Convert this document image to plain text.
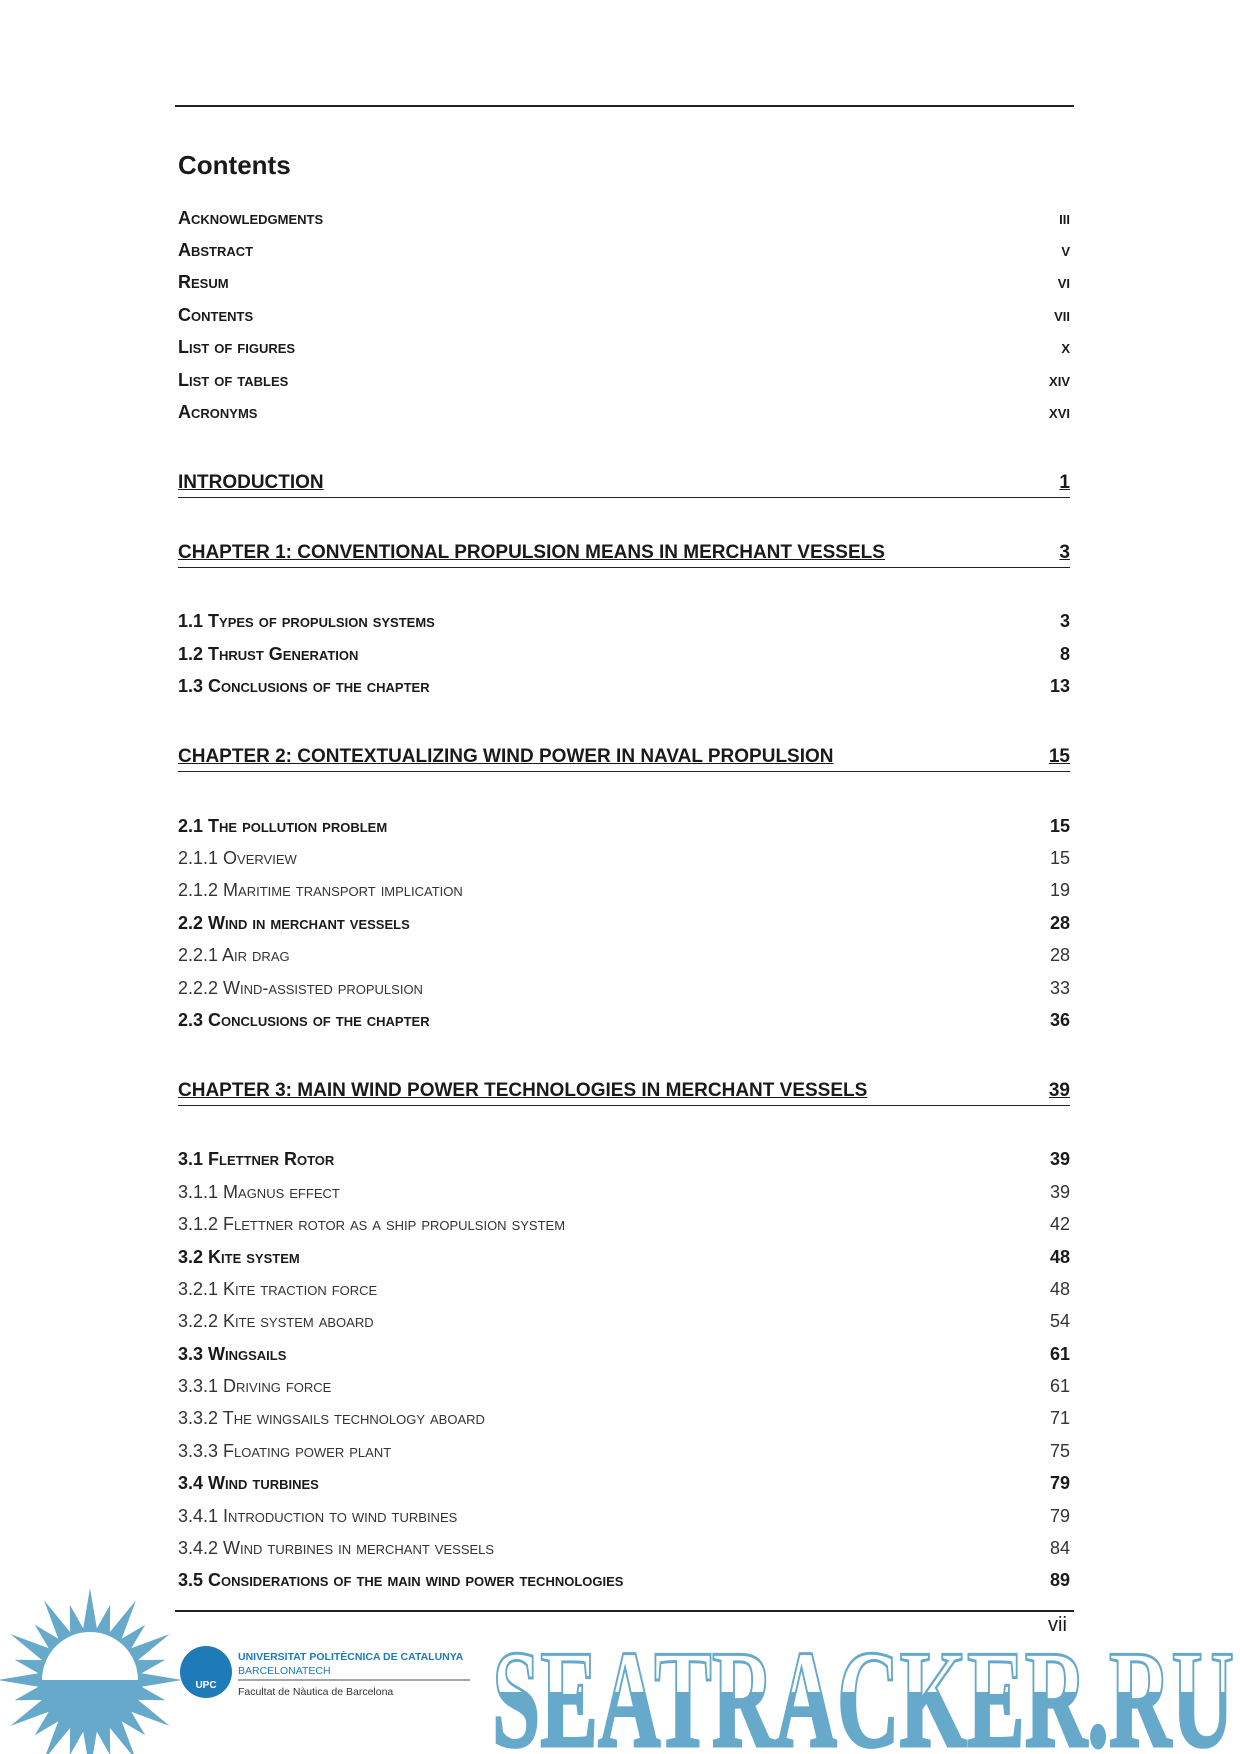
Contents
Acknowledgments	iii
Abstract	v
Resum	vi
Contents	vii
List of figures	x
List of tables	xiv
Acronyms	xvi
INTRODUCTION	1
CHAPTER 1: CONVENTIONAL PROPULSION MEANS IN MERCHANT VESSELS	3
1.1 Types of propulsion systems	3
1.2 Thrust Generation	8
1.3 Conclusions of the chapter	13
CHAPTER 2: CONTEXTUALIZING WIND POWER IN NAVAL PROPULSION	15
2.1 The pollution problem	15
2.1.1 Overview	15
2.1.2 Maritime transport implication	19
2.2 Wind in merchant vessels	28
2.2.1 Air drag	28
2.2.2 Wind-assisted propulsion	33
2.3 Conclusions of the chapter	36
CHAPTER 3: MAIN WIND POWER TECHNOLOGIES IN MERCHANT VESSELS	39
3.1 Flettner Rotor	39
3.1.1 Magnus effect	39
3.1.2 Flettner rotor as a ship propulsion system	42
3.2 Kite system	48
3.2.1 Kite traction force	48
3.2.2 Kite system aboard	54
3.3 Wingsails	61
3.3.1 Driving force	61
3.3.2 The wingsails technology aboard	71
3.3.3 Floating power plant	75
3.4 Wind turbines	79
3.4.1 Introduction to wind turbines	79
3.4.2 Wind turbines in merchant vessels	84
3.5 Considerations of the main wind power technologies	89
vii
SEATRACKER.RU
UPC
UNIVERSITAT POLITÈCNICA DE CATALUNYA
BARCELONATECH
Facultat de Nàutica de Barcelona
